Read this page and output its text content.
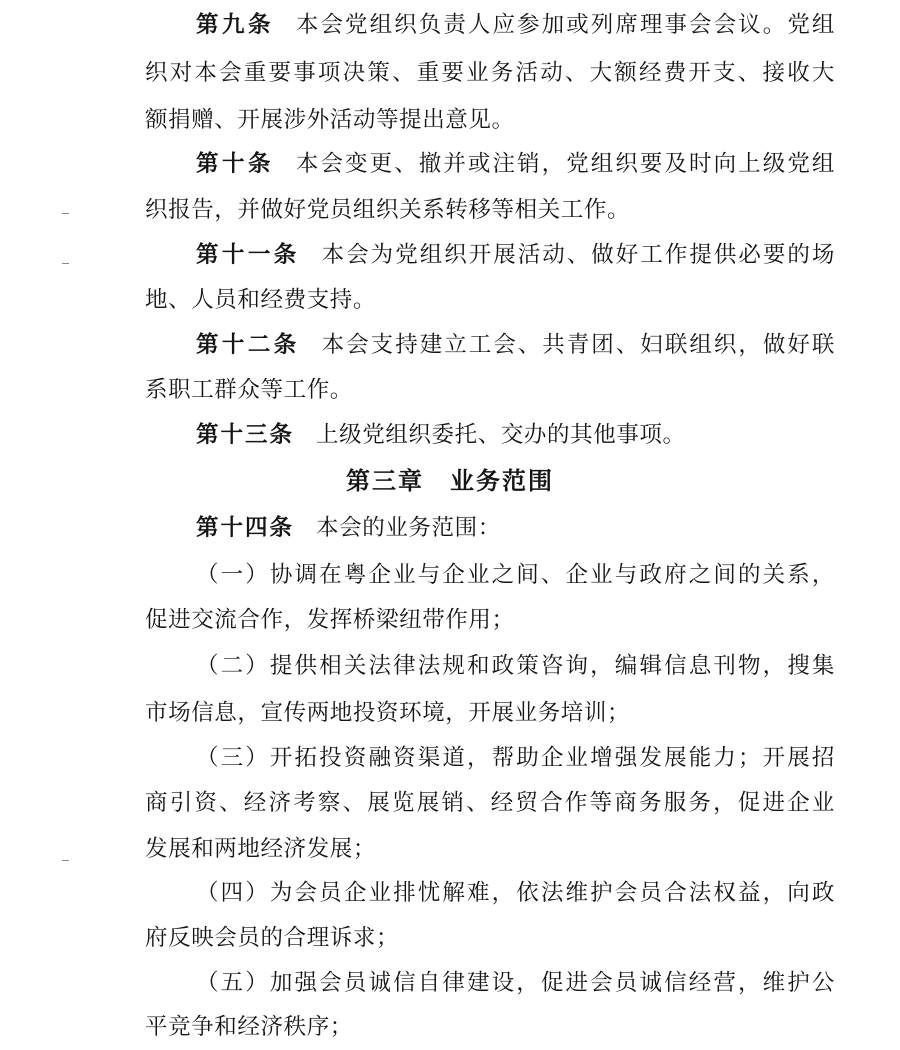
第九条 本会党组织负责人应参加或列席理事会会议。党组
织对本会重要事项决策、重要业务活动、大额经费开支、接收大
额捐赠、开展涉外活动等提出意见。
第十条 本会变更、撤并或注销，党组织要及时向上级党组
织报告，并做好党员组织关系转移等相关工作。
第十一条 本会为党组织开展活动、做好工作提供必要的场
地、人员和经费支持。
第十二条 本会支持建立工会、共青团、妇联组织，做好联
系职工群众等工作。
第十三条 上级党组织委托、交办的其他事项。
第三章　业务范围
第十四条 本会的业务范围：
（一）协调在粤企业与企业之间、企业与政府之间的关系，
促进交流合作，发挥桥梁纽带作用；
（二）提供相关法律法规和政策咨询，编辑信息刊物，搜集
市场信息，宣传两地投资环境，开展业务培训；
（三）开拓投资融资渠道，帮助企业增强发展能力；开展招
商引资、经济考察、展览展销、经贸合作等商务服务，促进企业
发展和两地经济发展；
（四）为会员企业排忧解难，依法维护会员合法权益，向政
府反映会员的合理诉求；
（五）加强会员诚信自律建设，促进会员诚信经营，维护公
平竞争和经济秩序；
